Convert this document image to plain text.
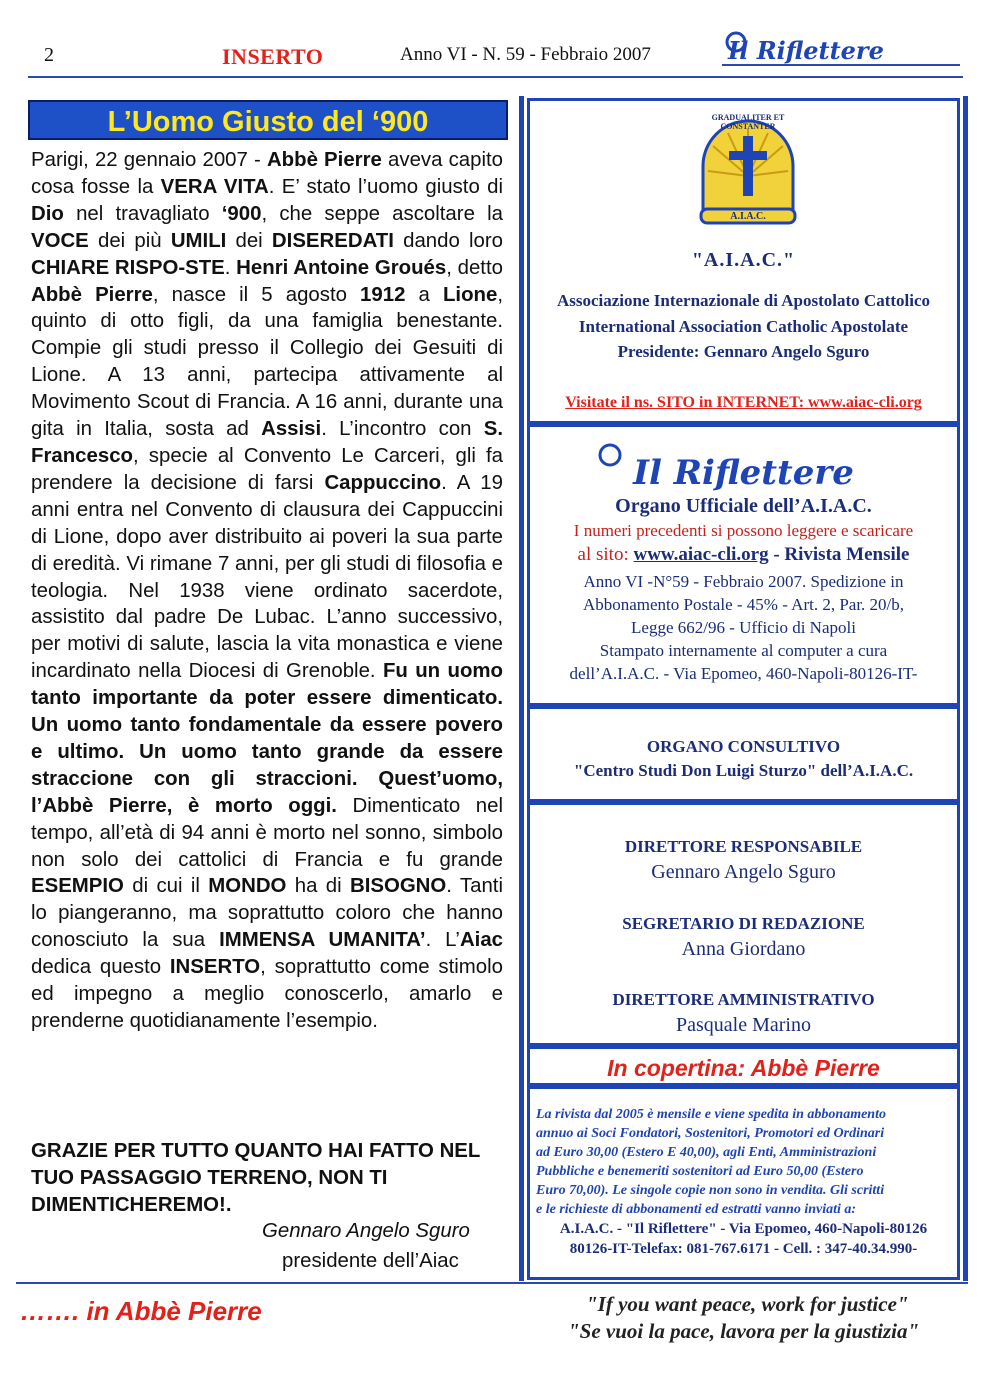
2	INSERTO	Anno VI - N. 59 - Febbraio 2007	Il Riflettere
L’Uomo Giusto del ‘900

Parigi, 22 gennaio 2007 - Abbè Pierre aveva capito cosa fosse la VERA VITA. E’ stato l’uomo giusto di Dio nel travagliato ‘900, che seppe ascoltare la VOCE dei più UMILI dei DISEREDATI dando loro CHIARE RISPO-STE. Henri Antoine Groués, detto Abbè Pierre, nasce il 5 agosto 1912 a Lione, quinto di otto figli, da una famiglia benestante. Compie gli studi presso il Collegio dei Gesuiti di Lione. A 13 anni, partecipa attivamente al Movimento Scout di Francia. A 16 anni, durante una gita in Italia, sosta ad Assisi. L’incontro con S. Francesco, specie al Convento Le Carceri, gli fa prendere la decisione di farsi Cappuccino. A 19 anni entra nel Convento di clausura dei Cappuccini di Lione, dopo aver distribuito ai poveri la sua parte di eredità. Vi rimane 7 anni, per gli studi di filosofia e teologia. Nel 1938 viene ordinato sacerdote, assistito dal padre De Lubac. L’anno successivo, per motivi di salute, lascia la vita monastica e viene incardinato nella Diocesi di Grenoble. Fu un uomo tanto importante da poter essere dimenticato. Un uomo tanto fondamentale da essere povero e ultimo. Un uomo tanto grande da essere straccione con gli straccioni. Quest’uomo, l’Abbè Pierre, è morto oggi. Dimenticato nel tempo, all’età di 94 anni è morto nel sonno, simbolo non solo dei cattolici di Francia e fu grande ESEMPIO di cui il MONDO ha di BISOGNO. Tanti lo piangeranno, ma soprattutto coloro che hanno conosciuto la sua IMMENSA UMANITA’. L’Aiac dedica questo INSERTO, soprattutto come stimolo ed impegno a meglio conoscerlo, amarlo e prenderne quotidianamente l’esempio.

GRAZIE PER TUTTO QUANTO HAI FATTO NEL TUO PASSAGGIO TERRENO, NON TI DIMENTICHEREMO!.

Gennaro Angelo Sguro
presidente dell’Aiac
GRADUALITER ET CONSTANTER
A.I.A.C.
"A.I.A.C."
Associazione Internazionale di Apostolato Cattolico
International Association Catholic Apostolate
Presidente: Gennaro Angelo Sguro
Visitate il ns. SITO in INTERNET: www.aiac-cli.org
Il Riflettere
Organo Ufficiale dell’A.I.A.C.
I numeri precedenti si possono leggere e scaricare
al sito: www.aiac-cli.org - Rivista Mensile
Anno VI -N°59 - Febbraio 2007. Spedizione in
Abbonamento Postale - 45% - Art. 2, Par. 20/b,
Legge 662/96 - Ufficio di Napoli
Stampato internamente al computer a cura
dell’A.I.A.C. - Via Epomeo, 460-Napoli-80126-IT-
ORGANO CONSULTIVO
"Centro Studi Don Luigi Sturzo" dell’A.I.A.C.
DIRETTORE RESPONSABILE
Gennaro Angelo Sguro
SEGRETARIO DI REDAZIONE
Anna Giordano
DIRETTORE AMMINISTRATIVO
Pasquale Marino
In copertina: Abbè Pierre
La rivista dal 2005 è mensile e viene spedita in abbonamento
annuo ai Soci Fondatori, Sostenitori, Promotori ed Ordinari
ad Euro 30,00 (Estero E 40,00), agli Enti, Amministrazioni
Pubbliche e benemeriti sostenitori ad Euro 50,00 (Estero
Euro 70,00). Le singole copie non sono in vendita. Gli scritti
e le richieste di abbonamenti ed estratti vanno inviati a:
A.I.A.C. - "Il Riflettere" - Via Epomeo, 460-Napoli-80126
80126-IT-Telefax: 081-767.6171 - Cell. : 347-40.34.990-
……. in Abbè Pierre	"If you want peace, work for justice"
"Se vuoi la pace, lavora per la giustizia"
